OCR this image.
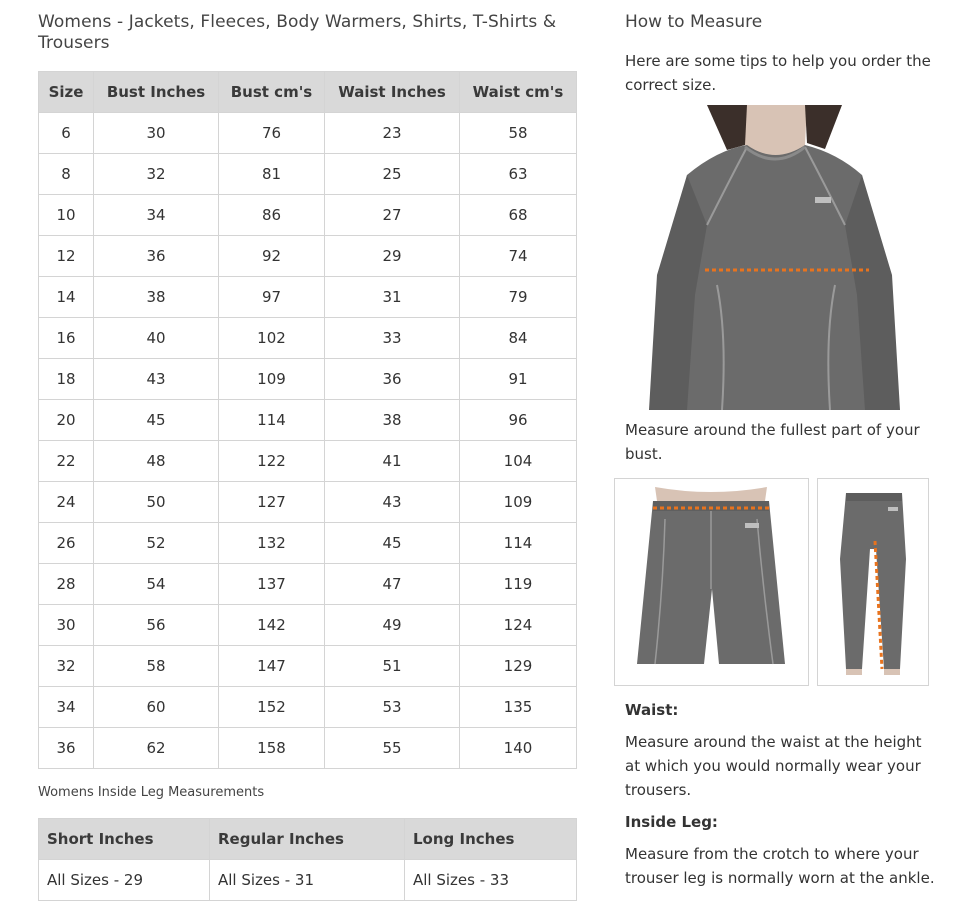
Womens - Jackets, Fleeces, Body Warmers, Shirts, T-Shirts & Trousers
Size	Bust Inches	Bust cm's	Waist Inches	Waist cm's
6	30	76	23	58
8	32	81	25	63
10	34	86	27	68
12	36	92	29	74
14	38	97	31	79
16	40	102	33	84
18	43	109	36	91
20	45	114	38	96
22	48	122	41	104
24	50	127	43	109
26	52	132	45	114
28	54	137	47	119
30	56	142	49	124
32	58	147	51	129
34	60	152	53	135
36	62	158	55	140
Womens Inside Leg Measurements
Short Inches	Regular Inches	Long Inches
All Sizes - 29	All Sizes - 31	All Sizes - 33
How to Measure
Here are some tips to help you order the correct size.
Measure around the fullest part of your bust.
Waist:
Measure around the waist at the height at which you would normally wear your trousers.
Inside Leg:
Measure from the crotch to where your trouser leg is normally worn at the ankle.
